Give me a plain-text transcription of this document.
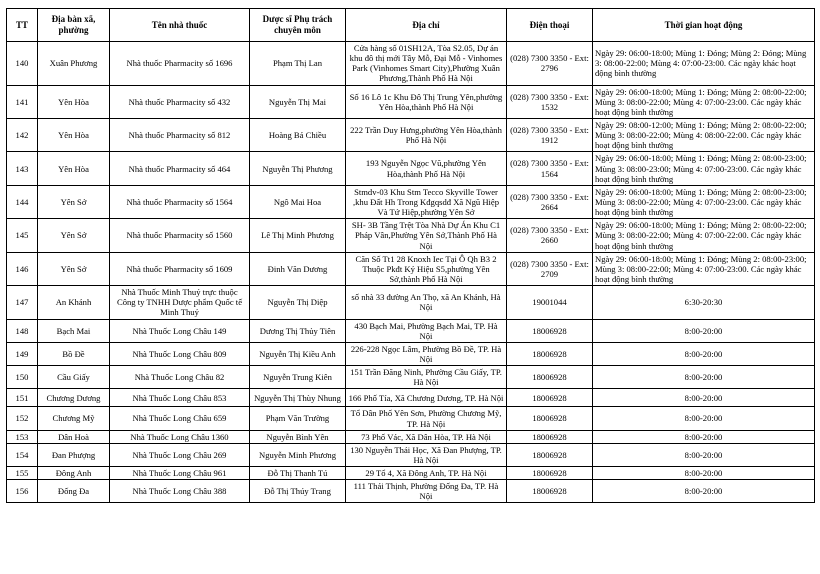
TT	Địa bàn xã, phường	Tên nhà thuốc	Dược sĩ Phụ trách chuyên môn	Địa chỉ	Điện thoại	Thời gian hoạt động
140	Xuân Phương	Nhà thuốc Pharmacity số 1696	Phạm Thị Lan	Cửa hàng số 01SH12A, Tòa S2.05, Dự án khu đô thị mới Tây Mỗ, Đại Mỗ - Vinhomes Park (Vinhomes Smart City),Phường Xuân Phương,Thành Phố Hà Nội	(028) 7300 3350 - Ext: 2796	Ngày 29: 06:00-18:00; Mùng 1: Đóng; Mùng 2: Đóng; Mùng 3: 08:00-22:00; Mùng 4: 07:00-23:00. Các ngày khác hoạt động bình thường
141	Yên Hòa	Nhà thuốc Pharmacity số 432	Nguyễn Thị Mai	Số 16 Lô 1c Khu Đô Thị Trung Yên,phường Yên Hòa,thành Phố Hà Nội	(028) 7300 3350 - Ext: 1532	Ngày 29: 06:00-18:00; Mùng 1: Đóng; Mùng 2: 08:00-22:00; Mùng 3: 08:00-22:00; Mùng 4: 07:00-23:00. Các ngày khác hoạt động bình thường
142	Yên Hòa	Nhà thuốc Pharmacity số 812	Hoàng Bá Chiều	222 Trần Duy Hưng,phường Yên Hòa,thành Phố Hà Nội	(028) 7300 3350 - Ext: 1912	Ngày 29: 08:00-12:00; Mùng 1: Đóng; Mùng 2: 08:00-22:00; Mùng 3: 08:00-22:00; Mùng 4: 08:00-22:00. Các ngày khác hoạt động bình thường
143	Yên Hòa	Nhà thuốc Pharmacity số 464	Nguyễn Thị Phương	193 Nguyễn Ngọc Vũ,phường Yên Hòa,thành Phố Hà Nội	(028) 7300 3350 - Ext: 1564	Ngày 29: 06:00-18:00; Mùng 1: Đóng; Mùng 2: 08:00-23:00; Mùng 3: 08:00-23:00; Mùng 4: 07:00-23:00. Các ngày khác hoạt động bình thường
144	Yên Sở	Nhà thuốc Pharmacity số 1564	Ngô Mai Hoa	Stmdv-03 Khu Stm Tecco Skyville Tower ,khu Đất Hh Trong Kđgqsdđ Xã Ngũ Hiệp Và Tứ Hiệp,phường Yên Sở	(028) 7300 3350 - Ext: 2664	Ngày 29: 06:00-18:00; Mùng 1: Đóng; Mùng 2: 08:00-23:00; Mùng 3: 08:00-22:00; Mùng 4: 07:00-23:00. Các ngày khác hoạt động bình thường
145	Yên Sở	Nhà thuốc Pharmacity số 1560	Lê Thị Minh Phương	SH- 3B Tầng Trệt Tòa Nhà Dự Án Khu C1 Pháp Vân,Phường Yên Sở,Thành Phố Hà Nội	(028) 7300 3350 - Ext: 2660	Ngày 29: 06:00-18:00; Mùng 1: Đóng; Mùng 2: 08:00-22:00; Mùng 3: 08:00-22:00; Mùng 4: 07:00-22:00. Các ngày khác hoạt động bình thường
146	Yên Sở	Nhà thuốc Pharmacity số 1609	Đinh Văn Dương	Căn Số Tt1 28 Knoxh Iec Tại Ô Qh B3 2 Thuộc Pkđt Ký Hiệu S5,phường Yên Sở,thành Phố Hà Nội	(028) 7300 3350 - Ext: 2709	Ngày 29: 06:00-18:00; Mùng 1: Đóng; Mùng 2: 08:00-23:00; Mùng 3: 08:00-22:00; Mùng 4: 07:00-23:00. Các ngày khác hoạt động bình thường
147	An Khánh	Nhà Thuốc Minh Thuỷ trực thuộc Công ty TNHH Dược phẩm Quốc tế Minh Thuỷ	Nguyễn Thị Diệp	số nhà 33 đường An Thọ, xã An Khánh, Hà Nội	19001044	6:30-20:30
148	Bạch Mai	Nhà Thuốc Long Châu 149	Dương Thị Thủy Tiên	430 Bạch Mai, Phường Bạch Mai, TP. Hà Nội	18006928	8:00-20:00
149	Bồ Đề	Nhà Thuốc Long Châu 809	Nguyễn Thị Kiều Anh	226-228 Ngọc Lâm, Phường Bồ Đề, TP. Hà Nội	18006928	8:00-20:00
150	Cầu Giấy	Nhà Thuốc Long Châu 82	Nguyễn Trung Kiên	151 Trần Đăng Ninh, Phường Cầu Giấy, TP. Hà Nội	18006928	8:00-20:00
151	Chương Dương	Nhà Thuốc Long Châu 853	Nguyễn Thị Thùy Nhung	166 Phố Tía, Xã Chương Dương, TP. Hà Nội	18006928	8:00-20:00
152	Chương Mỹ	Nhà Thuốc Long Châu 659	Phạm Văn Trường	Tổ Dân Phố Yên Sơn, Phường Chương Mỹ, TP. Hà Nội	18006928	8:00-20:00
153	Dân Hoà	Nhà Thuốc Long Châu 1360	Nguyễn Bình Yên	73 Phố Vác, Xã Dân Hòa, TP. Hà Nội	18006928	8:00-20:00
154	Đan Phượng	Nhà Thuốc Long Châu 269	Nguyễn Minh Phương	130 Nguyễn Thái Học, Xã Đan Phượng, TP. Hà Nội	18006928	8:00-20:00
155	Đông Anh	Nhà Thuốc Long Châu 961	Đỗ Thị Thanh Tú	29 Tổ 4, Xã Đông Anh, TP. Hà Nội	18006928	8:00-20:00
156	Đống Đa	Nhà Thuốc Long Châu 388	Đỗ Thị Thúy Trang	111 Thái Thịnh, Phường Đống Đa, TP. Hà Nội	18006928	8:00-20:00
